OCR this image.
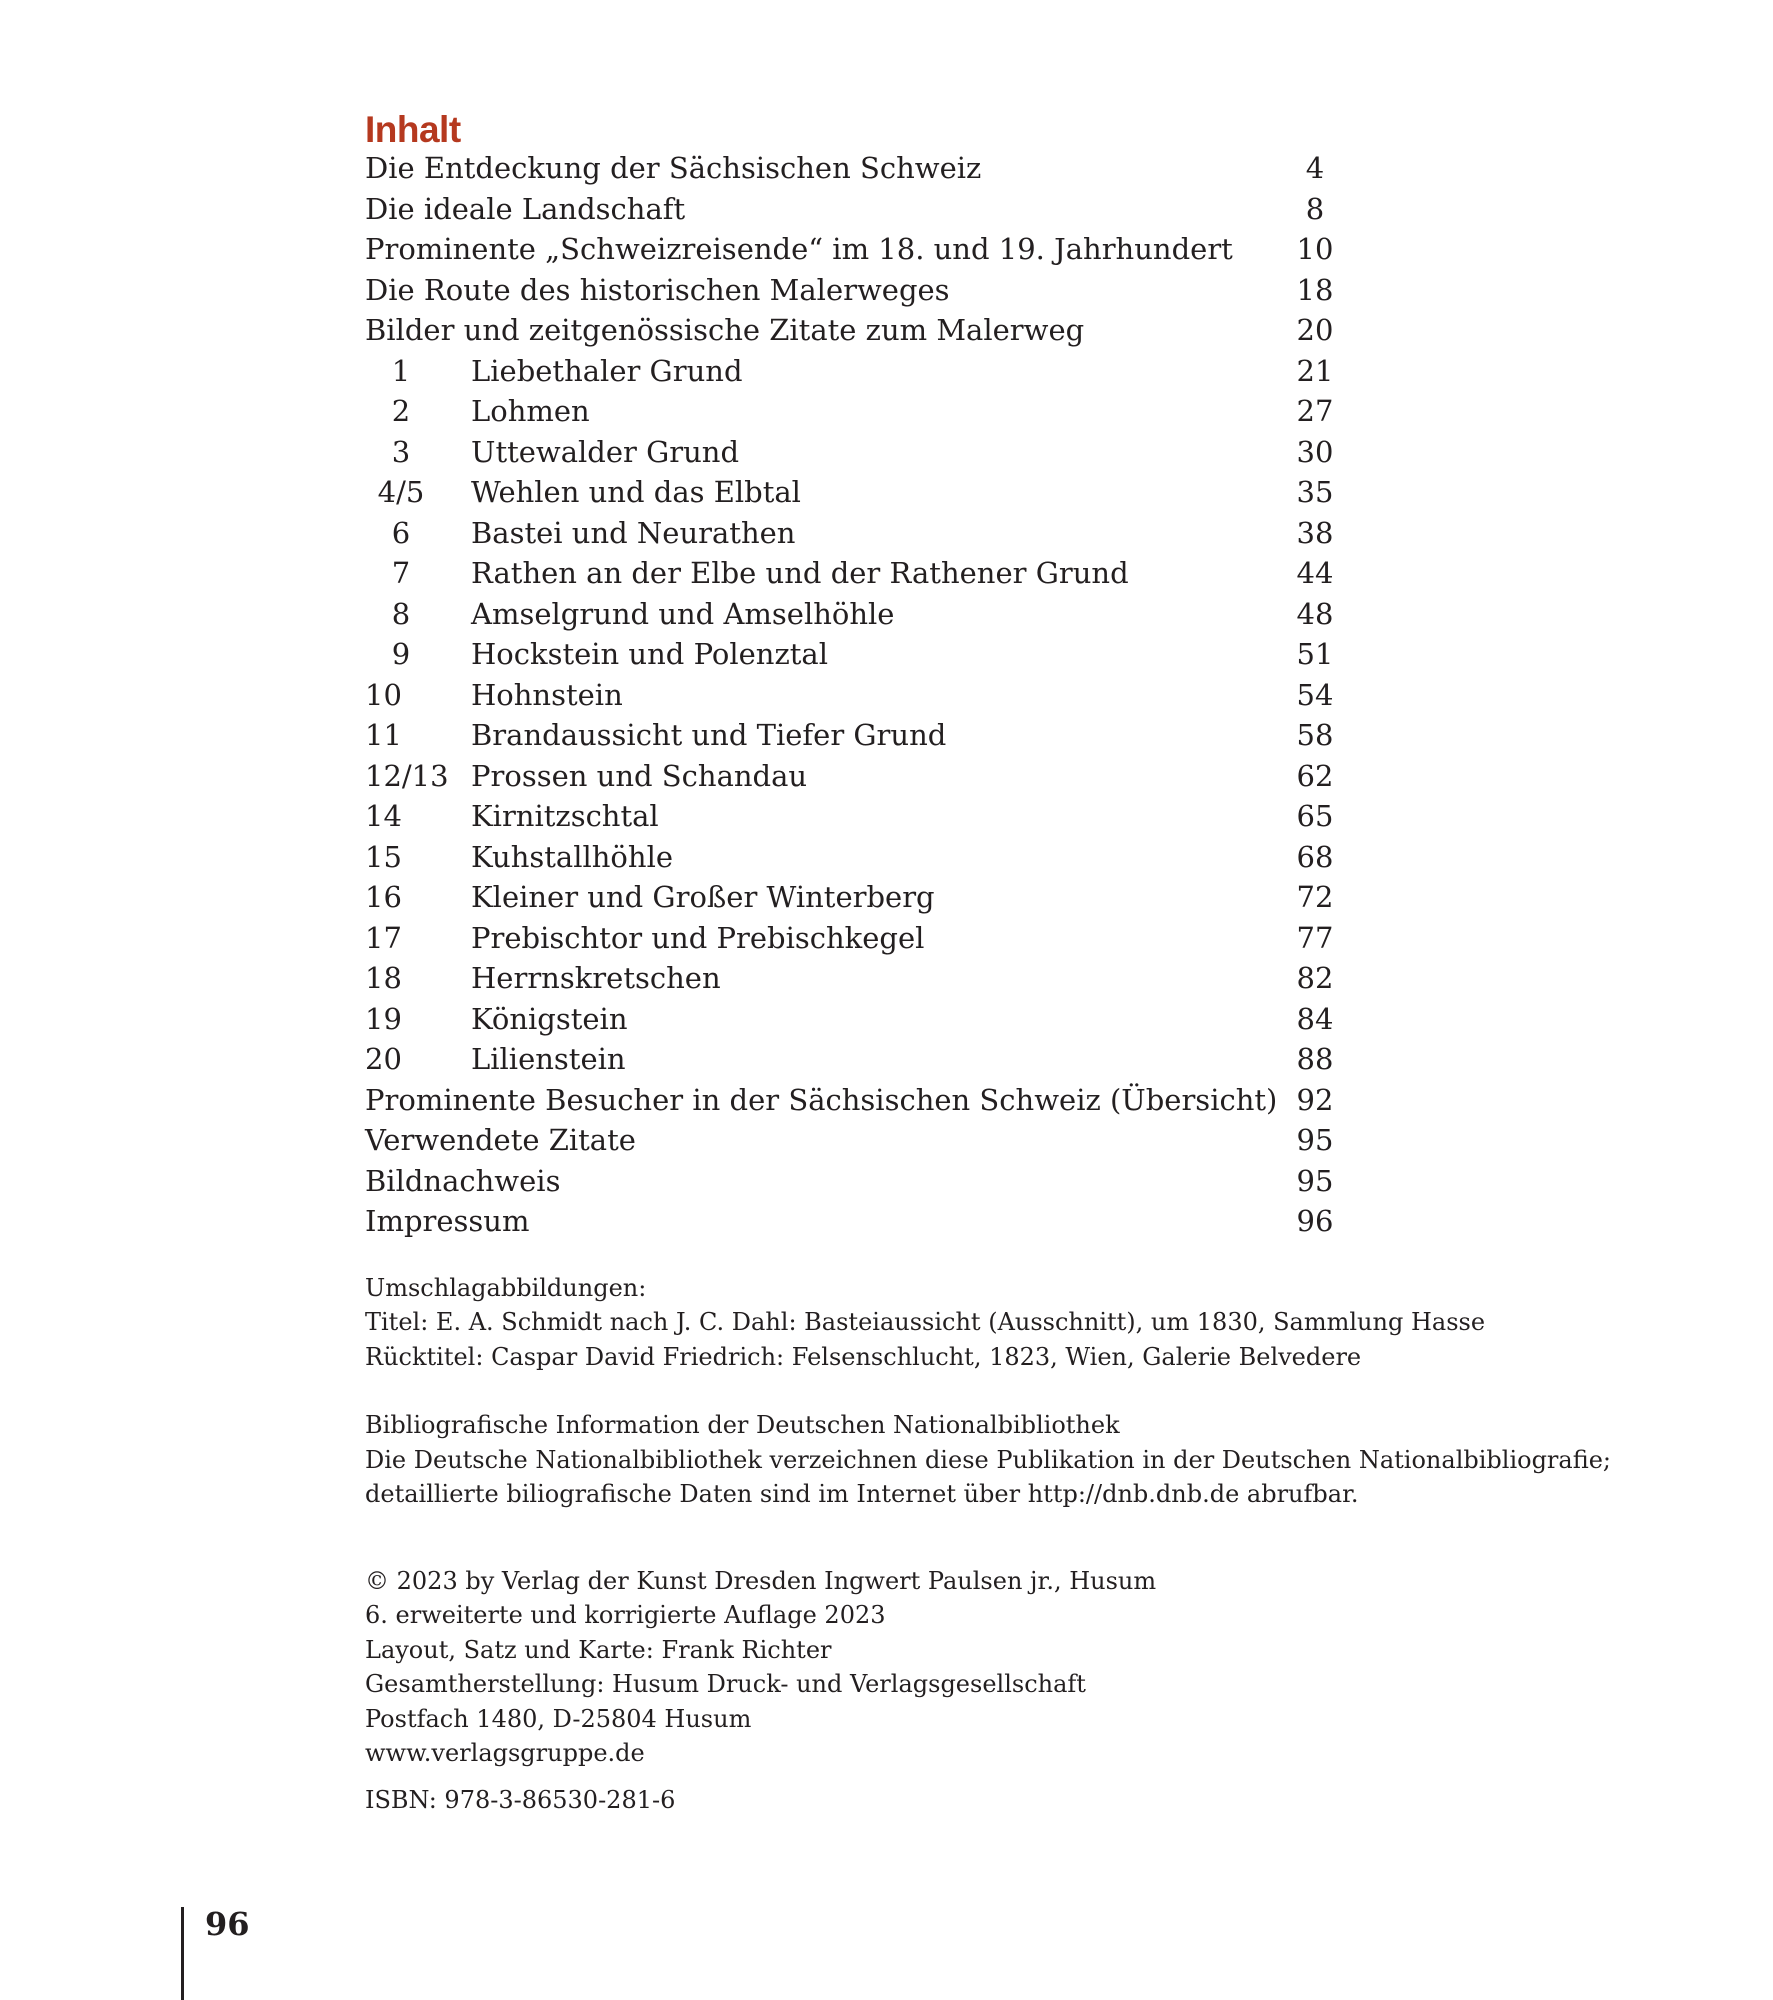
Inhalt
Die Entdeckung der Sächsischen Schweiz	4
Die ideale Landschaft	8
Prominente „Schweizreisende“ im 18. und 19. Jahrhundert	10
Die Route des historischen Malerweges	18
Bilder und zeitgenössische Zitate zum Malerweg	20
1	Liebethaler Grund	21
2	Lohmen	27
3	Uttewalder Grund	30
4/5	Wehlen und das Elbtal	35
6	Bastei und Neurathen	38
7	Rathen an der Elbe und der Rathener Grund	44
8	Amselgrund und Amselhöhle	48
9	Hockstein und Polenztal	51
10	Hohnstein	54
11	Brandaussicht und Tiefer Grund	58
12/13 Prossen und Schandau	62
14	Kirnitzschtal	65
15	Kuhstallhöhle	68
16	Kleiner und Großer Winterberg	72
17	Prebischtor und Prebischkegel	77
18	Herrnskretschen	82
19	Königstein	84
20	Lilienstein	88
Prominente Besucher in der Sächsischen Schweiz (Übersicht) 92
Verwendete Zitate	95
Bildnachweis	95
Impressum	96
Umschlagabbildungen:
Titel: E. A. Schmidt nach J. C. Dahl: Basteiaussicht (Ausschnitt), um 1830, Sammlung Hasse
Rücktitel: Caspar David Friedrich: Felsenschlucht, 1823, Wien, Galerie Belvedere
Bibliografische Information der Deutschen Nationalbibliothek
Die Deutsche Nationalbibliothek verzeichnen diese Publikation in der Deutschen Nationalbibliografie;
detaillierte biliografische Daten sind im Internet über http://dnb.dnb.de abrufbar.
© 2023 by Verlag der Kunst Dresden Ingwert Paulsen jr., Husum
6. erweiterte und korrigierte Auflage 2023
Layout, Satz und Karte: Frank Richter
Gesamtherstellung: Husum Druck- und Verlagsgesellschaft
Postfach 1480, D-25804 Husum
www.verlagsgruppe.de
ISBN: 978-3-86530-281-6
96
